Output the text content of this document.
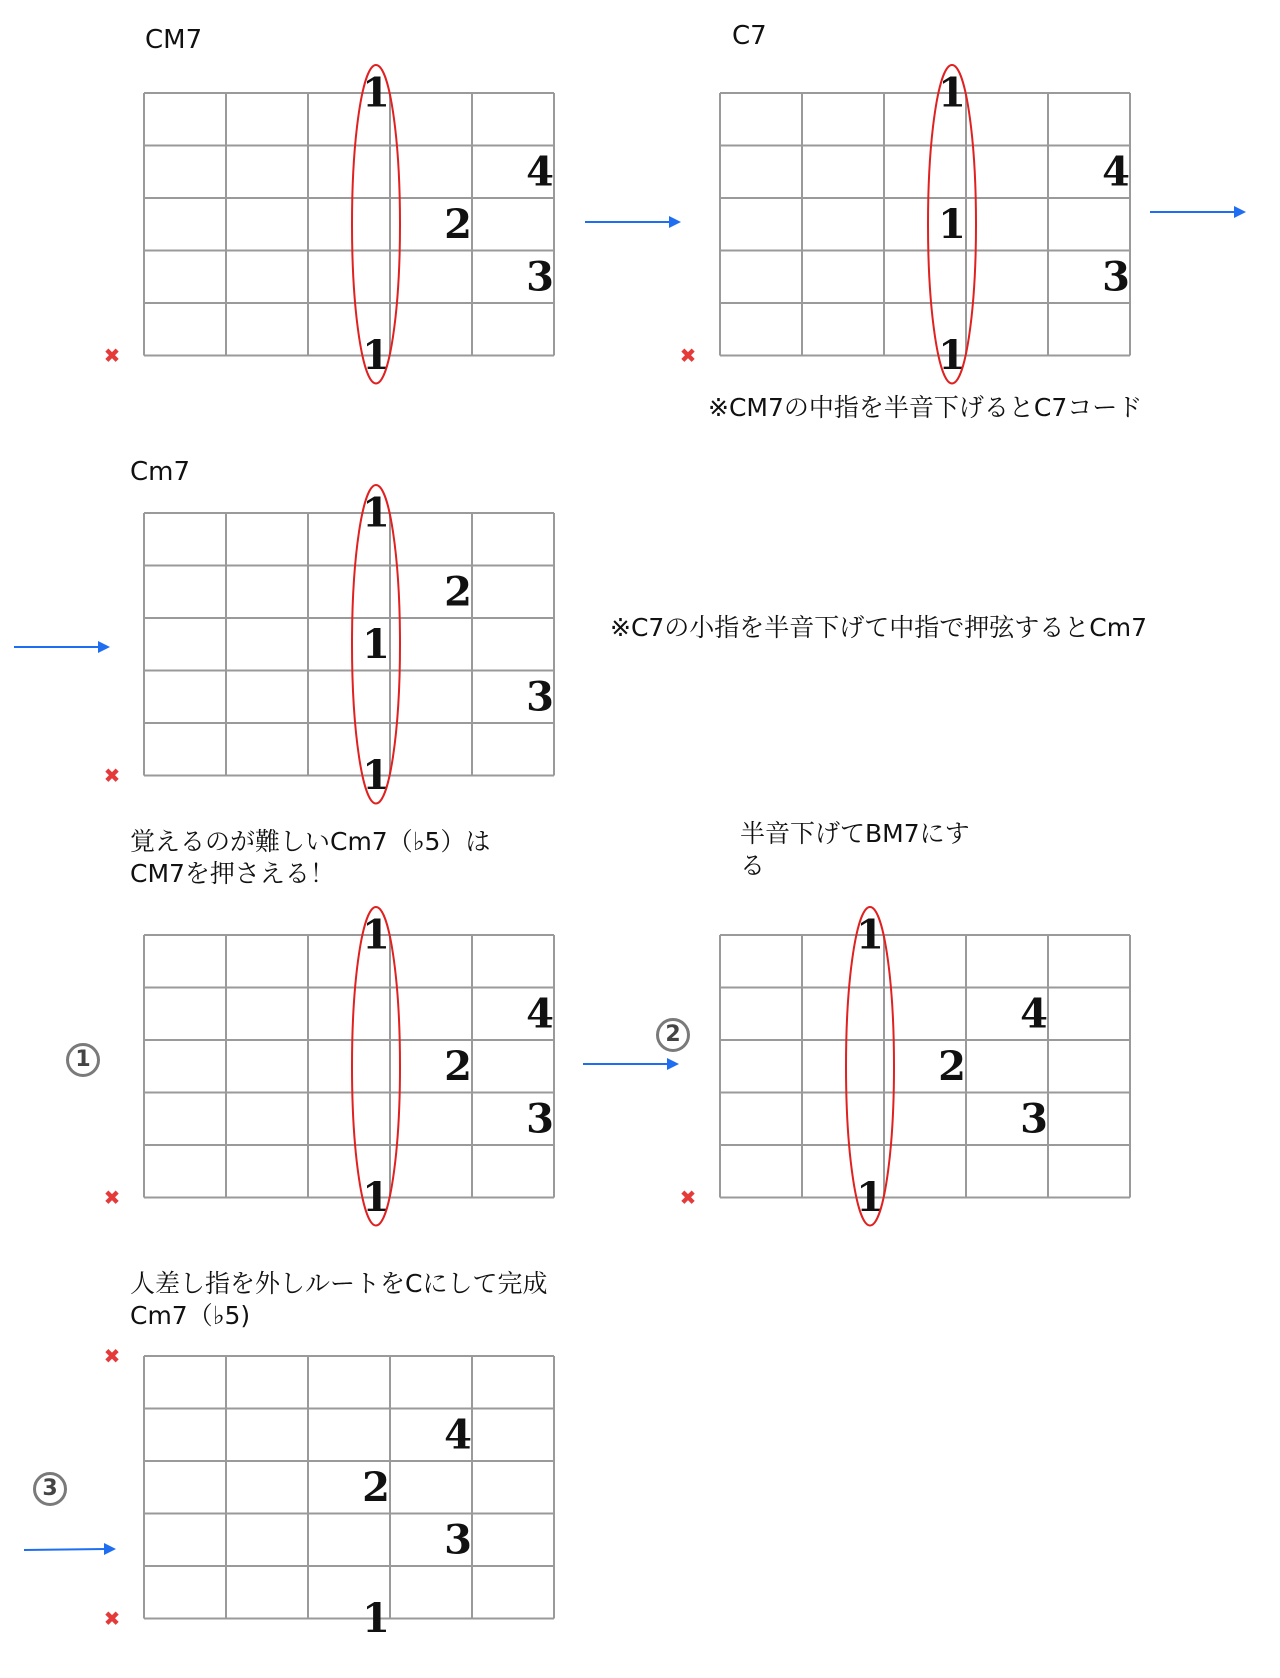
CM7	C7
※CM7の中指を半音下げるとC7コード
Cm7
※C7の小指を半音下げて中指で押弦するとCm7
覚えるのが難しいCm7（♭5）は
CM7を押さえる！
半音下げてBM7にす
る
人差し指を外しルートをCにして完成
Cm7（♭5)
1
4
2
3
1
✖
1
4
1
3
1
✖
1
2
1
3
1
✖
1
4
2
3
1
✖
1
4
2
3
1
✖
4
2
3
1
✖
✖
1
2
3
